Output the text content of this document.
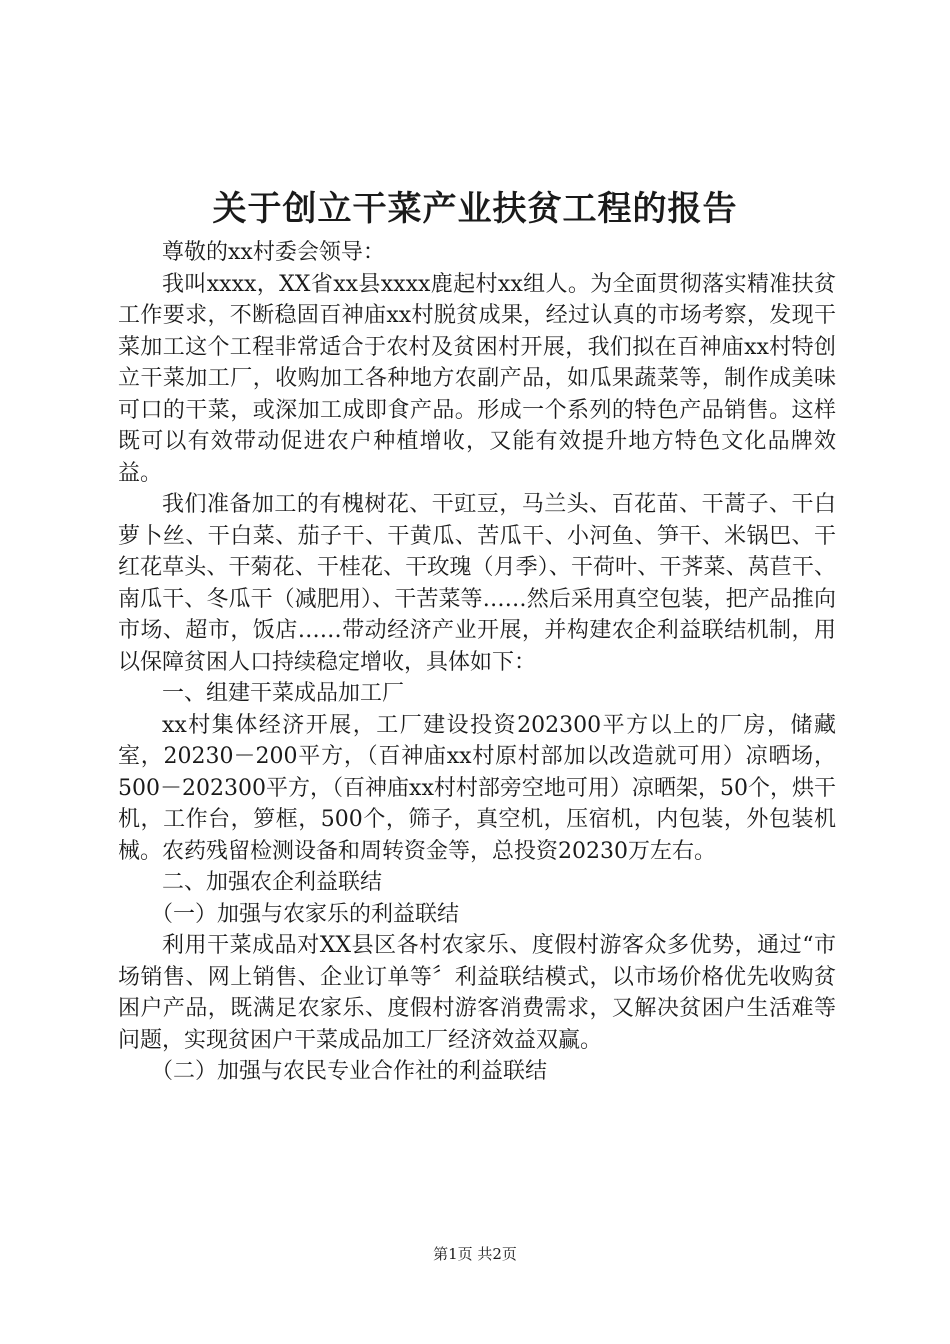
关于创立干菜产业扶贫工程的报告

尊敬的xx村委会领导：

我叫xxxx，XX省xx县xxxx鹿起村xx组人。为全面贯彻落实精准扶贫工作要求，不断稳固百神庙xx村脱贫成果，经过认真的市场考察，发现干菜加工这个工程非常适合于农村及贫困村开展，我们拟在百神庙xx村特创立干菜加工厂，收购加工各种地方农副产品，如瓜果蔬菜等，制作成美味可口的干菜，或深加工成即食产品。形成一个系列的特色产品销售。这样既可以有效带动促进农户种植增收，又能有效提升地方特色文化品牌效益。

我们准备加工的有槐树花、干豇豆，马兰头、百花苗、干蒿子、干白萝卜丝、干白菜、茄子干、干黄瓜、苦瓜干、小河鱼、笋干、米锅巴、干红花草头、干菊花、干桂花、干玫瑰（月季）、干荷叶、干荠菜、莴苣干、南瓜干、冬瓜干（减肥用）、干苦菜等……然后采用真空包装，把产品推向市场、超市，饭店……带动经济产业开展，并构建农企利益联结机制，用以保障贫困人口持续稳定增收，具体如下：

一、组建干菜成品加工厂

xx村集体经济开展，工厂建设投资202300平方以上的厂房，储藏室，20230－200平方，（百神庙xx村原村部加以改造就可用）凉晒场，500－202300平方，（百神庙xx村村部旁空地可用）凉晒架，50个，烘干机，工作台，箩框，500个，筛子，真空机，压宿机，内包装，外包装机械。农药残留检测设备和周转资金等，总投资20230万左右。

二、加强农企利益联结

（一）加强与农家乐的利益联结

利用干菜成品对XX县区各村农家乐、度假村游客众多优势，通过“市场销售、网上销售、企业订单等〞利益联结模式，以市场价格优先收购贫困户产品，既满足农家乐、度假村游客消费需求，又解决贫困户生活难等问题，实现贫困户干菜成品加工厂经济效益双赢。

（二）加强与农民专业合作社的利益联结

第1页 共2页
